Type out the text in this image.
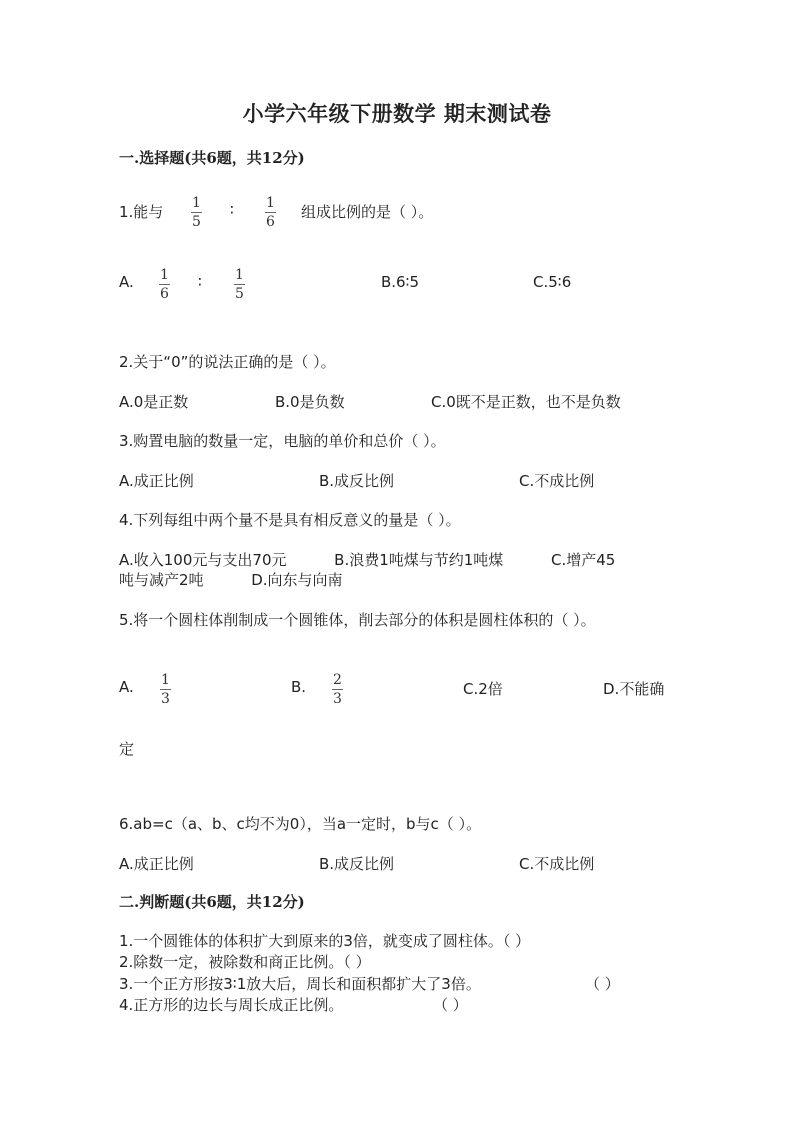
小学六年级下册数学 期末测试卷
一.选择题(共6题，共12分)
1.能与 1
5
∶ 1
6
组成比例的是（ ）。
A. 1
6
∶ 1
5
B.6∶5	C.5∶6
2.关于“0”的说法正确的是（ ）。
A.0是正数	B.0是负数	C.0既不是正数，也不是负数
3.购置电脑的数量一定，电脑的单价和总价（ ）。
A.成正比例	B.成反比例	C.不成比例
4.下列每组中两个量不是具有相反意义的量是（ ）。
A.收入100元与支出70元          B.浪费1吨煤与节约1吨煤          C.增产45
吨与减产2吨          D.向东与向南
5.将一个圆柱体削制成一个圆锥体，削去部分的体积是圆柱体积的（ ）。
A. 1
3
B. 2
3
C.2倍	D.不能确
定
6.ab=c（a、b、c均不为0），当a一定时，b与c（ ）。
A.成正比例	B.成反比例	C.不成比例
二.判断题(共6题，共12分)
1.一个圆锥体的体积扩大到原来的3倍，就变成了圆柱体。（ ）
2.除数一定，被除数和商正比例。（ ）
3.一个正方形按3∶1放大后，周长和面积都扩大了3倍。	（ ）
4.正方形的边长与周长成正比例。	（ ）
